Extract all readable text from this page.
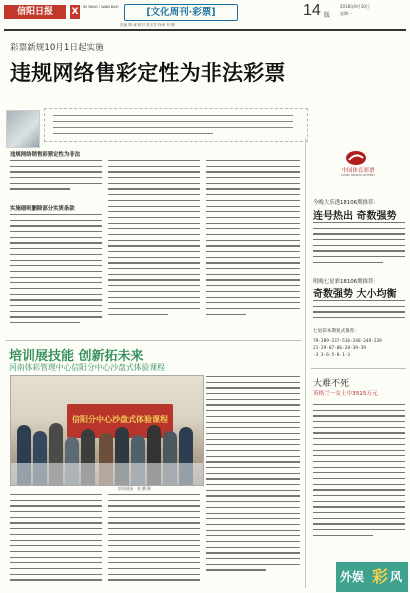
信阳日报	X	IN YANG / WAN BAO	[文化周刊·彩票]	14 版
2018年9月10日
星期一
责编 陶 诚 校对 张芳芳 终审 付 钢
彩票新规10月1日起实施
违规网络售彩定性为非法彩票
违规网络销售彩票定性为非法
实施细则删除部分实质条款
培训展技能 创新拓未来
河南体彩管理中心信阳分中心沙盘式体验课程
信阳分中心沙盘式体验课程
培训现场　张 鹏 摄
中国体育彩票
CHINA SPORTS LOTTERY
今晚大乐透18106期推荐:
连号热出 奇数强势
明晚七星彩18106期推荐:
奇数强势 大小均衡
七星彩本期复式推荐:
79-289-237-516-248-249-239
21-29-07-06-28-39-39
-3 3-6-5-8-1-3
大难不死
英格兰一女士中3515万元
外娱 彩 风
